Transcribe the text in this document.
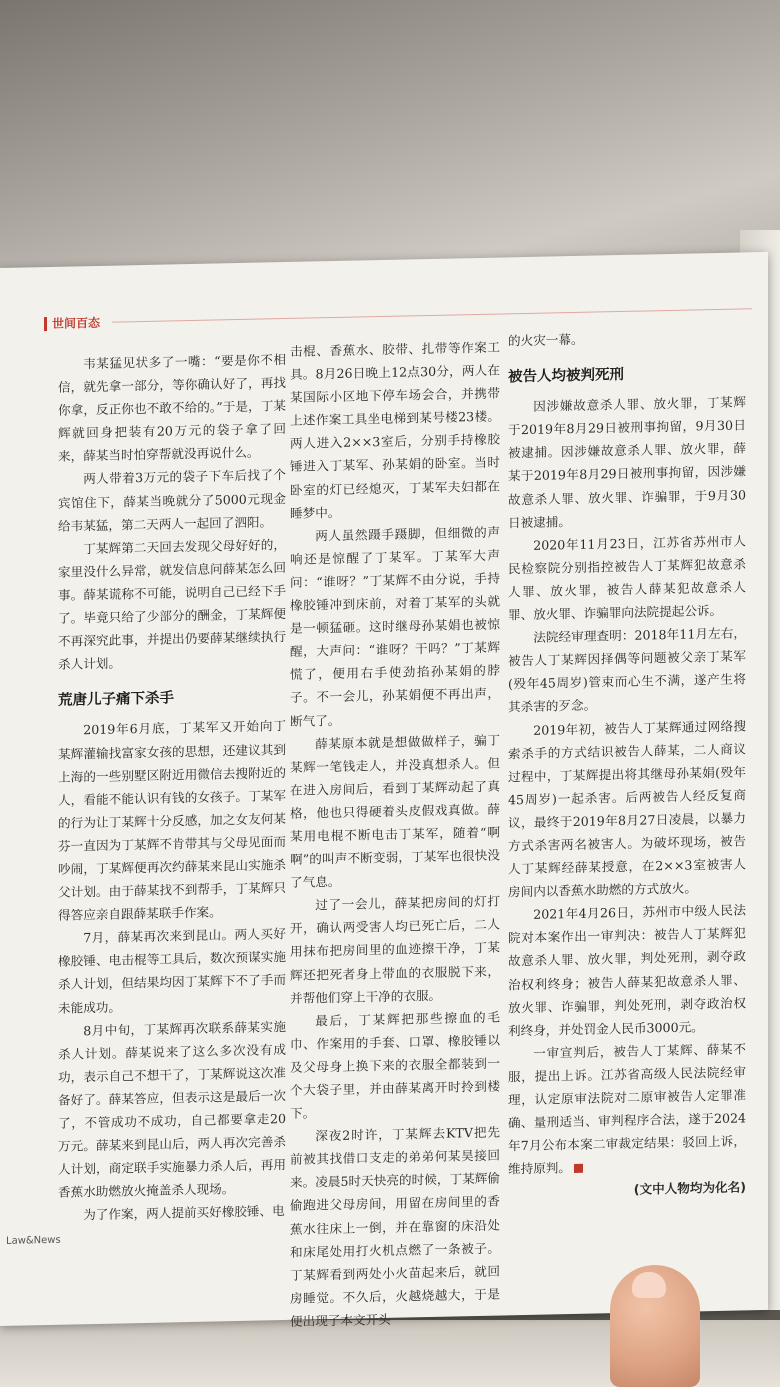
世间百态

韦某猛见状多了一嘴：“要是你不相信，就先拿一部分，等你确认好了，再找你拿，反正你也不敢不给的。”于是，丁某辉就回身把装有20万元的袋子拿了回来，薛某当时怕穿帮就没再说什么。

两人带着3万元的袋子下车后找了个宾馆住下，薛某当晚就分了5000元现金给韦某猛，第二天两人一起回了泗阳。

丁某辉第二天回去发现父母好好的，家里没什么异常，就发信息问薛某怎么回事。薛某谎称不可能，说明自己已经下手了。毕竟只给了少部分的酬金，丁某辉便不再深究此事，并提出仍要薛某继续执行杀人计划。

荒唐儿子痛下杀手

2019年6月底，丁某军又开始向丁某辉灌输找富家女孩的思想，还建议其到上海的一些别墅区附近用微信去搜附近的人，看能不能认识有钱的女孩子。丁某军的行为让丁某辉十分反感，加之女友何某芬一直因为丁某辉不肯带其与父母见面而吵闹，丁某辉便再次约薛某来昆山实施杀父计划。由于薛某找不到帮手，丁某辉只得答应亲自跟薛某联手作案。

7月，薛某再次来到昆山。两人买好橡胶锤、电击棍等工具后，数次预谋实施杀人计划，但结果均因丁某辉下不了手而未能成功。

8月中旬，丁某辉再次联系薛某实施杀人计划。薛某说来了这么多次没有成功，表示自己不想干了，丁某辉说这次准备好了。薛某答应，但表示这是最后一次了，不管成功不成功，自己都要拿走20万元。薛某来到昆山后，两人再次完善杀人计划，商定联手实施暴力杀人后，再用香蕉水助燃放火掩盖杀人现场。

为了作案，两人提前买好橡胶锤、电

击棍、香蕉水、胶带、扎带等作案工具。8月26日晚上12点30分，两人在某国际小区地下停车场会合，并携带上述作案工具坐电梯到某号楼23楼。两人进入2××3室后，分别手持橡胶锤进入丁某军、孙某娟的卧室。当时卧室的灯已经熄灭，丁某军夫妇都在睡梦中。

两人虽然蹑手蹑脚，但细微的声响还是惊醒了丁某军。丁某军大声问：“谁呀？”丁某辉不由分说，手持橡胶锤冲到床前，对着丁某军的头就是一顿猛砸。这时继母孙某娟也被惊醒，大声问：“谁呀？干吗？”丁某辉慌了，便用右手使劲掐孙某娟的脖子。不一会儿，孙某娟便不再出声，断气了。

薛某原本就是想做做样子，骗丁某辉一笔钱走人，并没真想杀人。但在进入房间后，看到丁某辉动起了真格，他也只得硬着头皮假戏真做。薛某用电棍不断电击丁某军，随着“啊啊”的叫声不断变弱，丁某军也很快没了气息。

过了一会儿，薛某把房间的灯打开，确认两受害人均已死亡后，二人用抹布把房间里的血迹擦干净，丁某辉还把死者身上带血的衣服脱下来，并帮他们穿上干净的衣服。

最后，丁某辉把那些擦血的毛巾、作案用的手套、口罩、橡胶锤以及父母身上换下来的衣服全都装到一个大袋子里，并由薛某离开时拎到楼下。

深夜2时许，丁某辉去KTV把先前被其找借口支走的弟弟何某昊接回来。凌晨5时天快亮的时候，丁某辉偷偷跑进父母房间，用留在房间里的香蕉水往床上一倒，并在靠窗的床沿处和床尾处用打火机点燃了一条被子。丁某辉看到两处小火苗起来后，就回房睡觉。不久后，火越烧越大，于是便出现了本文开头

的火灾一幕。

被告人均被判死刑

因涉嫌故意杀人罪、放火罪，丁某辉于2019年8月29日被刑事拘留，9月30日被逮捕。因涉嫌故意杀人罪、放火罪，薛某于2019年8月29日被刑事拘留，因涉嫌故意杀人罪、放火罪、诈骗罪，于9月30日被逮捕。

2020年11月23日，江苏省苏州市人民检察院分别指控被告人丁某辉犯故意杀人罪、放火罪，被告人薛某犯故意杀人罪、放火罪、诈骗罪向法院提起公诉。

法院经审理查明：2018年11月左右，被告人丁某辉因择偶等问题被父亲丁某军(殁年45周岁)管束而心生不满，遂产生将其杀害的歹念。

2019年初，被告人丁某辉通过网络搜索杀手的方式结识被告人薛某，二人商议过程中，丁某辉提出将其继母孙某娟(殁年45周岁)一起杀害。后两被告人经反复商议，最终于2019年8月27日凌晨，以暴力方式杀害两名被害人。为破坏现场，被告人丁某辉经薛某授意，在2××3室被害人房间内以香蕉水助燃的方式放火。

2021年4月26日，苏州市中级人民法院对本案作出一审判决：被告人丁某辉犯故意杀人罪、放火罪，判处死刑，剥夺政治权利终身；被告人薛某犯故意杀人罪、放火罪、诈骗罪，判处死刑，剥夺政治权利终身，并处罚金人民币3000元。

一审宣判后，被告人丁某辉、薛某不服，提出上诉。江苏省高级人民法院经审理，认定原审法院对二原审被告人定罪准确、量刑适当、审判程序合法，遂于2024年7月公布本案二审裁定结果：驳回上诉，维持原判。

(文中人物均为化名)

Law&News
